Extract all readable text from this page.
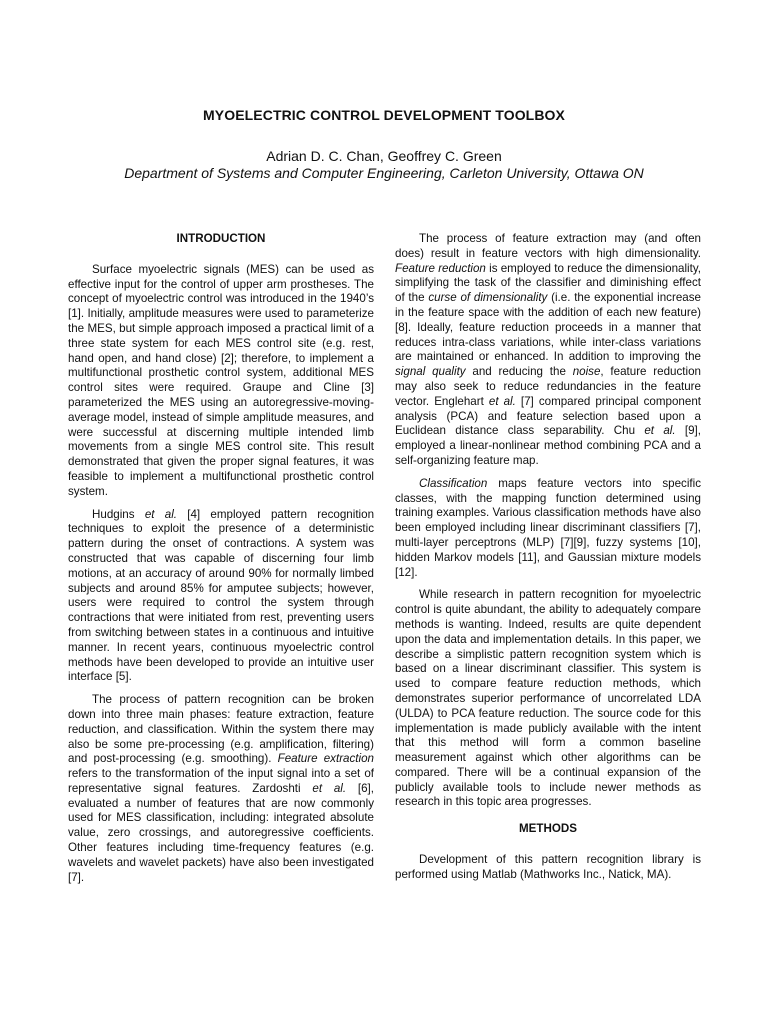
MYOELECTRIC CONTROL DEVELOPMENT TOOLBOX
Adrian D. C. Chan, Geoffrey C. Green
Department of Systems and Computer Engineering, Carleton University, Ottawa ON
INTRODUCTION

Surface myoelectric signals (MES) can be used as effective input for the control of upper arm prostheses. The concept of myoelectric control was introduced in the 1940’s [1]. Initially, amplitude measures were used to parameterize the MES, but simple approach imposed a practical limit of a three state system for each MES control site (e.g. rest, hand open, and hand close) [2]; therefore, to implement a multifunctional prosthetic control system, additional MES control sites were required. Graupe and Cline [3] parameterized the MES using an autoregressive-moving-average model, instead of simple amplitude measures, and were successful at discerning multiple intended limb movements from a single MES control site. This result demonstrated that given the proper signal features, it was feasible to implement a multifunctional prosthetic control system.

Hudgins et al. [4] employed pattern recognition techniques to exploit the presence of a deterministic pattern during the onset of contractions. A system was constructed that was capable of discerning four limb motions, at an accuracy of around 90% for normally limbed subjects and around 85% for amputee subjects; however, users were required to control the system through contractions that were initiated from rest, preventing users from switching between states in a continuous and intuitive manner. In recent years, continuous myoelectric control methods have been developed to provide an intuitive user interface [5].

The process of pattern recognition can be broken down into three main phases: feature extraction, feature reduction, and classification. Within the system there may also be some pre-processing (e.g. amplification, filtering) and post-processing (e.g. smoothing). Feature extraction refers to the transformation of the input signal into a set of representative signal features. Zardoshti et al. [6], evaluated a number of features that are now commonly used for MES classification, including: integrated absolute value, zero crossings, and autoregressive coefficients. Other features including time-frequency features (e.g. wavelets and wavelet packets) have also been investigated [7].

The process of feature extraction may (and often does) result in feature vectors with high dimensionality. Feature reduction is employed to reduce the dimensionality, simplifying the task of the classifier and diminishing effect of the curse of dimensionality (i.e. the exponential increase in the feature space with the addition of each new feature) [8]. Ideally, feature reduction proceeds in a manner that reduces intra-class variations, while inter-class variations are maintained or enhanced. In addition to improving the signal quality and reducing the noise, feature reduction may also seek to reduce redundancies in the feature vector. Englehart et al. [7] compared principal component analysis (PCA) and feature selection based upon a Euclidean distance class separability. Chu et al. [9], employed a linear-nonlinear method combining PCA and a self-organizing feature map.

Classification maps feature vectors into specific classes, with the mapping function determined using training examples. Various classification methods have also been employed including linear discriminant classifiers [7], multi-layer perceptrons (MLP) [7][9], fuzzy systems [10], hidden Markov models [11], and Gaussian mixture models [12].

While research in pattern recognition for myoelectric control is quite abundant, the ability to adequately compare methods is wanting. Indeed, results are quite dependent upon the data and implementation details. In this paper, we describe a simplistic pattern recognition system which is based on a linear discriminant classifier. This system is used to compare feature reduction methods, which demonstrates superior performance of uncorrelated LDA (ULDA) to PCA feature reduction. The source code for this implementation is made publicly available with the intent that this method will form a common baseline measurement against which other algorithms can be compared. There will be a continual expansion of the publicly available tools to include newer methods as research in this topic area progresses.

METHODS

Development of this pattern recognition library is performed using Matlab (Mathworks Inc., Natick, MA).
